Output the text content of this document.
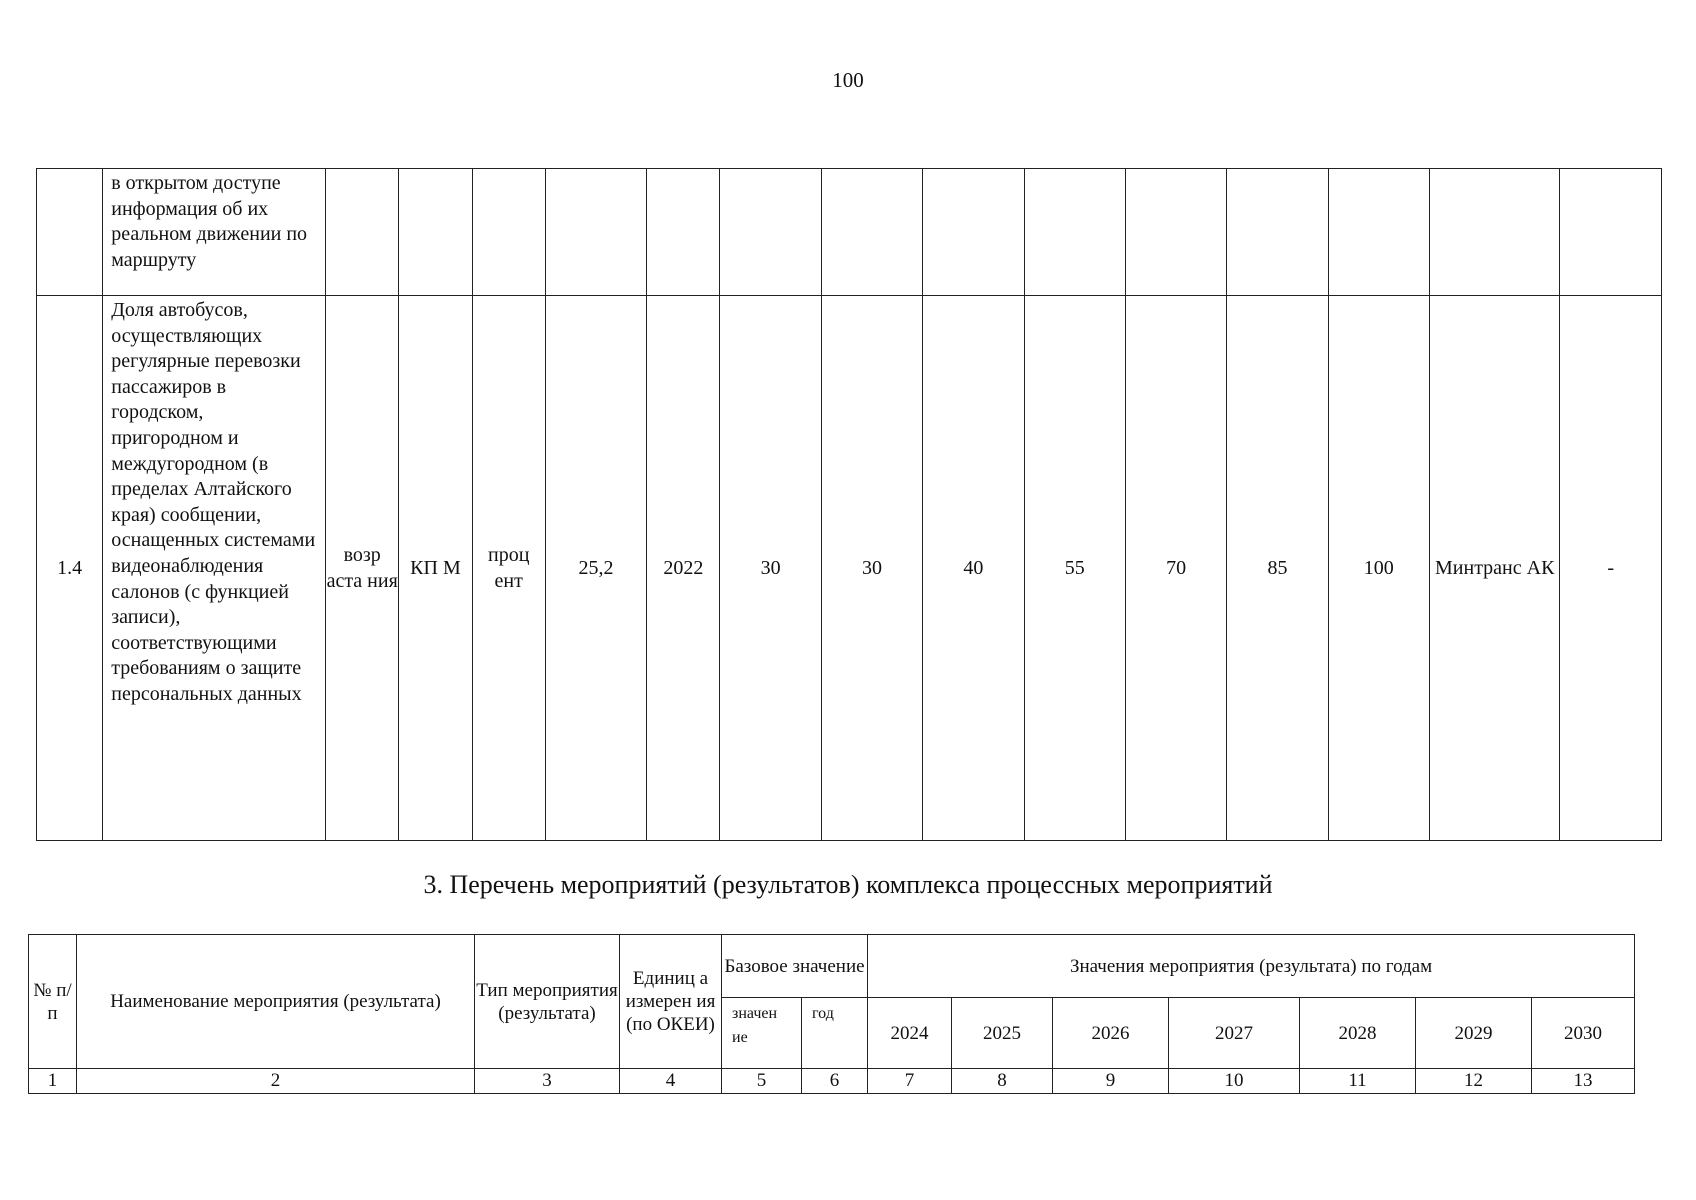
100
	в открытом доступе информация об их реальном движении по маршруту														
1.4	Доля автобусов, осуществляющих регулярные перевозки пассажиров в городском, пригородном и междугородном (в пределах Алтайского края) сообщении, оснащенных системами видеонаблюдения салонов (с функцией записи), соответствующими требованиям о защите персональных данных	возр аста ния	КП М	проц ент	25,2	2022	30	30	40	55	70	85	100	Минтранс АК	-
3. Перечень мероприятий (результатов) комплекса процессных мероприятий
№ п/ п	Наименование мероприятия (результата)	Тип мероприятия (результата)	Единиц а измерен ия (по ОКЕИ)	Базовое значение		Значения мероприятия (результата) по годам						
				значен ие	год	2024	2025	2026	2027	2028	2029	2030
1	2	3	4	5	6	7	8	9	10	11	12	13
